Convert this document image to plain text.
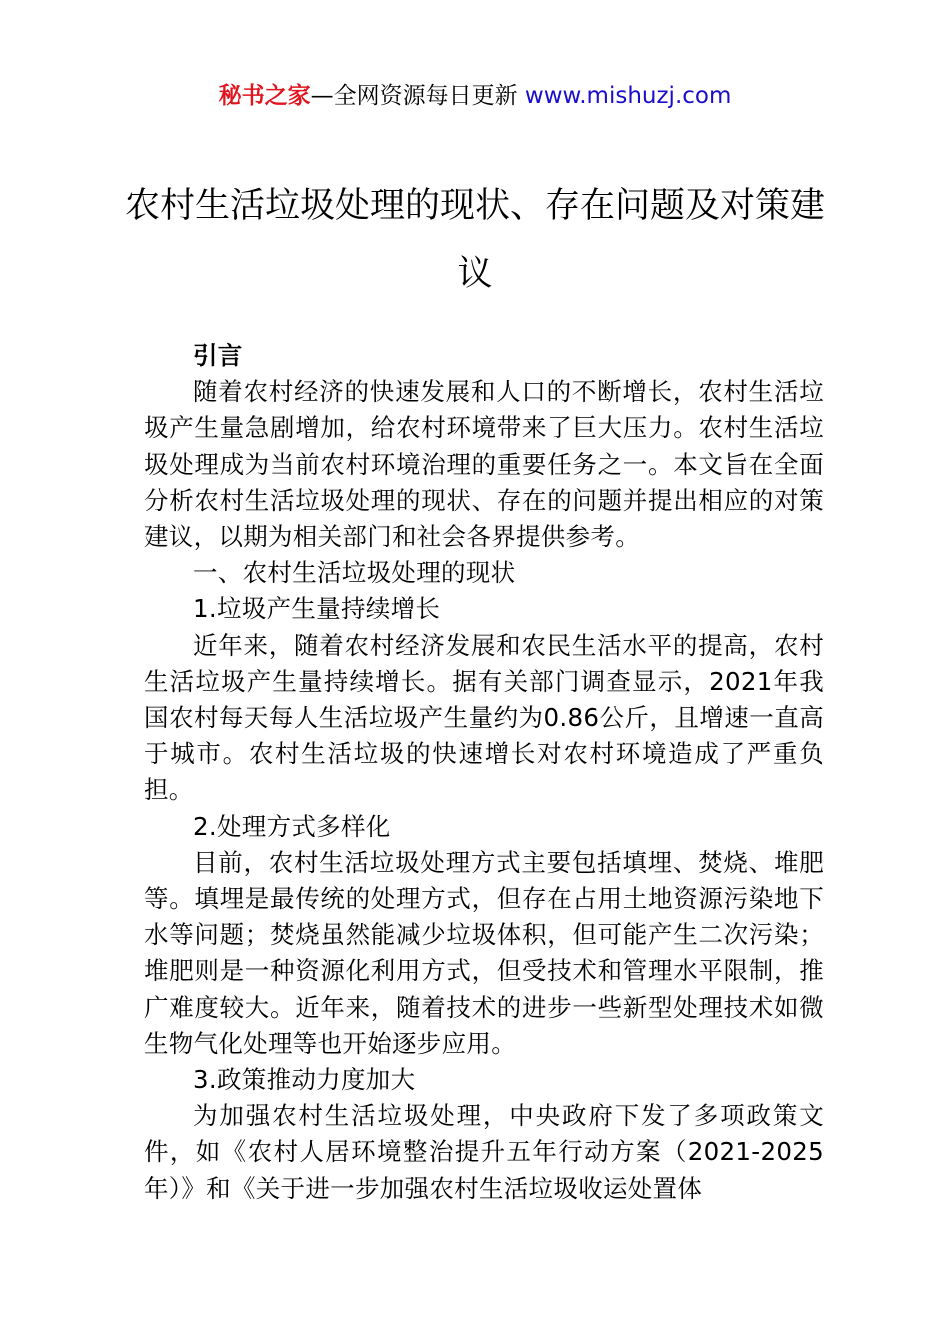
秘书之家—全网资源每日更新 www.mishuzj.com
农村生活垃圾处理的现状、存在问题及对策建议

引言

随着农村经济的快速发展和人口的不断增长，农村生活垃圾产生量急剧增加，给农村环境带来了巨大压力。农村生活垃圾处理成为当前农村环境治理的重要任务之一。本文旨在全面分析农村生活垃圾处理的现状、存在的问题并提出相应的对策建议，以期为相关部门和社会各界提供参考。

一、农村生活垃圾处理的现状

1.垃圾产生量持续增长

近年来，随着农村经济发展和农民生活水平的提高，农村生活垃圾产生量持续增长。据有关部门调查显示，2021年我国农村每天每人生活垃圾产生量约为0.86公斤，且增速一直高于城市。农村生活垃圾的快速增长对农村环境造成了严重负担。

2.处理方式多样化

目前，农村生活垃圾处理方式主要包括填埋、焚烧、堆肥等。填埋是最传统的处理方式，但存在占用土地资源污染地下水等问题；焚烧虽然能减少垃圾体积，但可能产生二次污染；堆肥则是一种资源化利用方式，但受技术和管理水平限制，推广难度较大。近年来，随着技术的进步一些新型处理技术如微生物气化处理等也开始逐步应用。

3.政策推动力度加大

为加强农村生活垃圾处理，中央政府下发了多项政策文件，如《农村人居环境整治提升五年行动方案（2021-2025年）》和《关于进一步加强农村生活垃圾收运处置体
